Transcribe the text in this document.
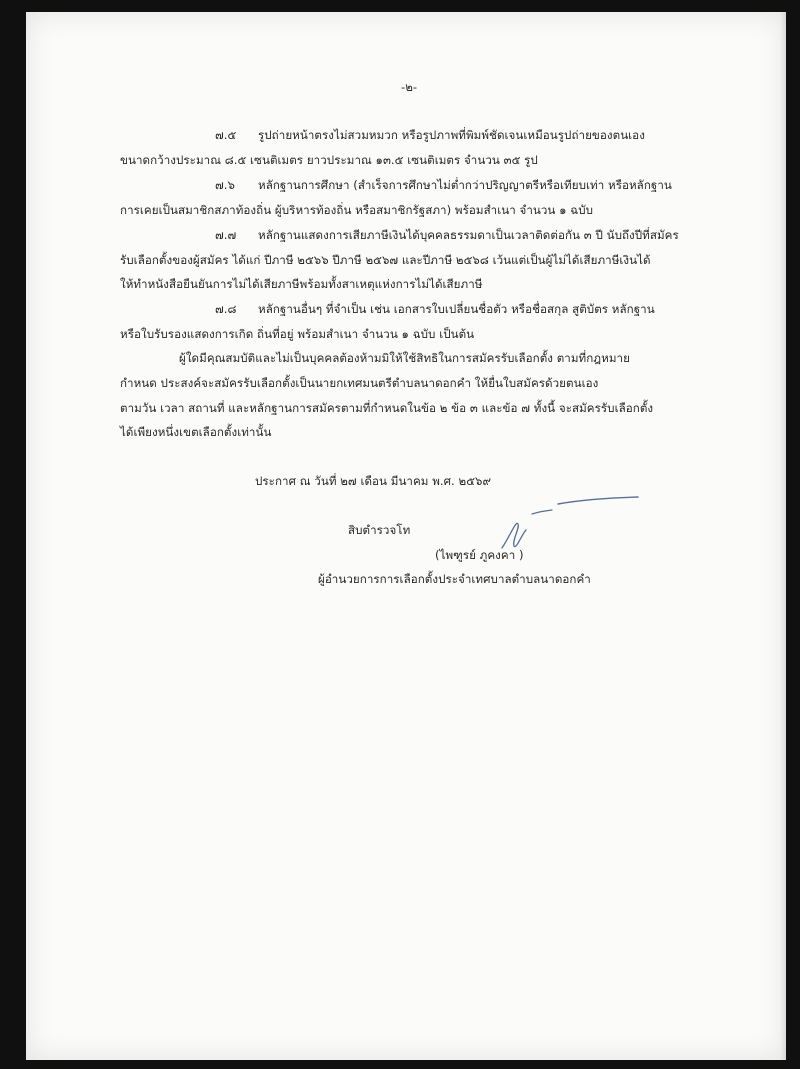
-๒-
๗.๕ รูปถ่ายหน้าตรงไม่สวมหมวก หรือรูปภาพที่พิมพ์ชัดเจนเหมือนรูปถ่ายของตนเอง
ขนาดกว้างประมาณ ๘.๕ เซนติเมตร ยาวประมาณ ๑๓.๕ เซนติเมตร จำนวน ๓๕ รูป
๗.๖ หลักฐานการศึกษา (สำเร็จการศึกษาไม่ต่ำกว่าปริญญาตรีหรือเทียบเท่า หรือหลักฐาน
การเคยเป็นสมาชิกสภาท้องถิ่น ผู้บริหารท้องถิ่น หรือสมาชิกรัฐสภา) พร้อมสำเนา จำนวน ๑ ฉบับ
๗.๗ หลักฐานแสดงการเสียภาษีเงินได้บุคคลธรรมดาเป็นเวลาติดต่อกัน ๓ ปี นับถึงปีที่สมัคร
รับเลือกตั้งของผู้สมัคร ได้แก่ ปีภาษี ๒๕๖๖ ปีภาษี ๒๕๖๗ และปีภาษี ๒๕๖๘ เว้นแต่เป็นผู้ไม่ได้เสียภาษีเงินได้
ให้ทำหนังสือยืนยันการไม่ได้เสียภาษีพร้อมทั้งสาเหตุแห่งการไม่ได้เสียภาษี
๗.๘ หลักฐานอื่นๆ ที่จำเป็น เช่น เอกสารใบเปลี่ยนชื่อตัว หรือชื่อสกุล สูติบัตร หลักฐาน
หรือใบรับรองแสดงการเกิด ถิ่นที่อยู่ พร้อมสำเนา จำนวน ๑ ฉบับ เป็นต้น
ผู้ใดมีคุณสมบัติและไม่เป็นบุคคลต้องห้ามมิให้ใช้สิทธิในการสมัครรับเลือกตั้ง ตามที่กฎหมาย
กำหนด ประสงค์จะสมัครรับเลือกตั้งเป็นนายกเทศมนตรีตำบลนาดอกคำ ให้ยื่นใบสมัครด้วยตนเอง
ตามวัน เวลา สถานที่ และหลักฐานการสมัครตามที่กำหนดในข้อ ๒ ข้อ ๓ และข้อ ๗ ทั้งนี้ จะสมัครรับเลือกตั้ง
ได้เพียงหนึ่งเขตเลือกตั้งเท่านั้น
ประกาศ ณ วันที่ ๒๗ เดือน มีนาคม พ.ศ. ๒๕๖๙
สิบตำรวจโท
(ไพฑูรย์ ภูคงคา )
ผู้อำนวยการการเลือกตั้งประจำเทศบาลตำบลนาดอกคำ
